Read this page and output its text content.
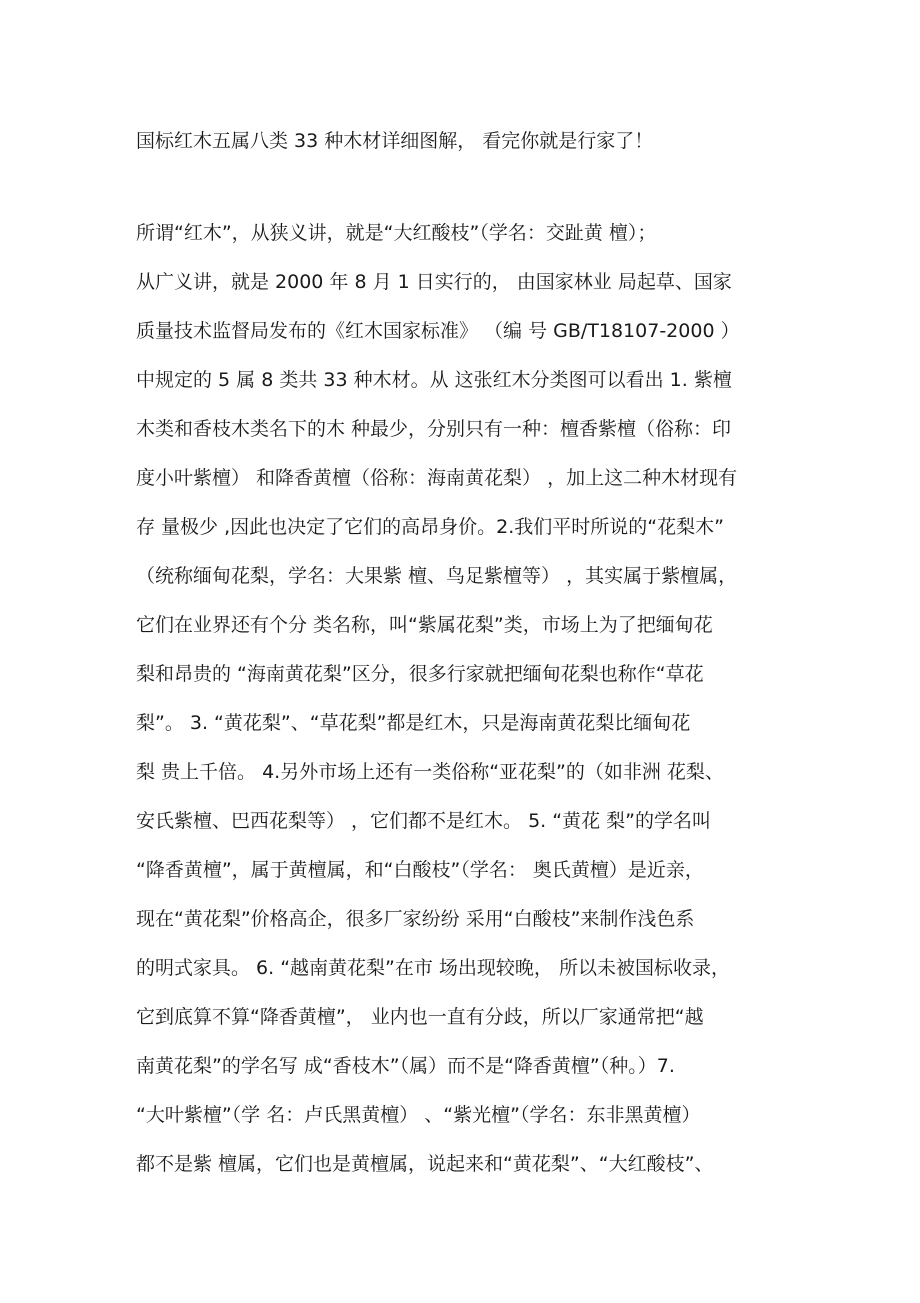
国标红木五属八类 33 种木材详细图解， 看完你就是行家了！
所谓“红木”，从狭义讲，就是“大红酸枝”（学名：交趾黄 檀）；
从广义讲，就是 2000 年 8 月 1 日实行的， 由国家林业 局起草、国家
质量技术监督局发布的《红木国家标准》 （编 号 GB/T18107-2000 ）
中规定的 5 属 8 类共 33 种木材。从 这张红木分类图可以看出 1. 紫檀
木类和香枝木类名下的木 种最少，分别只有一种：檀香紫檀（俗称：印
度小叶紫檀） 和降香黄檀（俗称：海南黄花梨） ，加上这二种木材现有
存 量极少 ,因此也决定了它们的高昂身价。2.我们平时所说的“花梨木”
（统称缅甸花梨，学名：大果紫 檀、鸟足紫檀等） ，其实属于紫檀属，
它们在业界还有个分 类名称，叫“紫属花梨”类，市场上为了把缅甸花
梨和昂贵的 “海南黄花梨”区分，很多行家就把缅甸花梨也称作“草花
梨”。 3. “黄花梨”、“草花梨”都是红木，只是海南黄花梨比缅甸花
梨 贵上千倍。 4.另外市场上还有一类俗称“亚花梨”的（如非洲 花梨、
安氏紫檀、巴西花梨等） ，它们都不是红木。 5. “黄花 梨”的学名叫
“降香黄檀”，属于黄檀属，和“白酸枝”（学名： 奥氏黄檀）是近亲，
现在“黄花梨”价格高企，很多厂家纷纷 采用“白酸枝”来制作浅色系
的明式家具。 6. “越南黄花梨”在市 场出现较晚， 所以未被国标收录，
它到底算不算“降香黄檀”， 业内也一直有分歧，所以厂家通常把“越
南黄花梨”的学名写 成“香枝木”（属）而不是“降香黄檀”（种。）7.
“大叶紫檀”（学 名：卢氏黑黄檀） 、“紫光檀”（学名：东非黑黄檀）
都不是紫 檀属，它们也是黄檀属，说起来和“黄花梨”、“大红酸枝”、
